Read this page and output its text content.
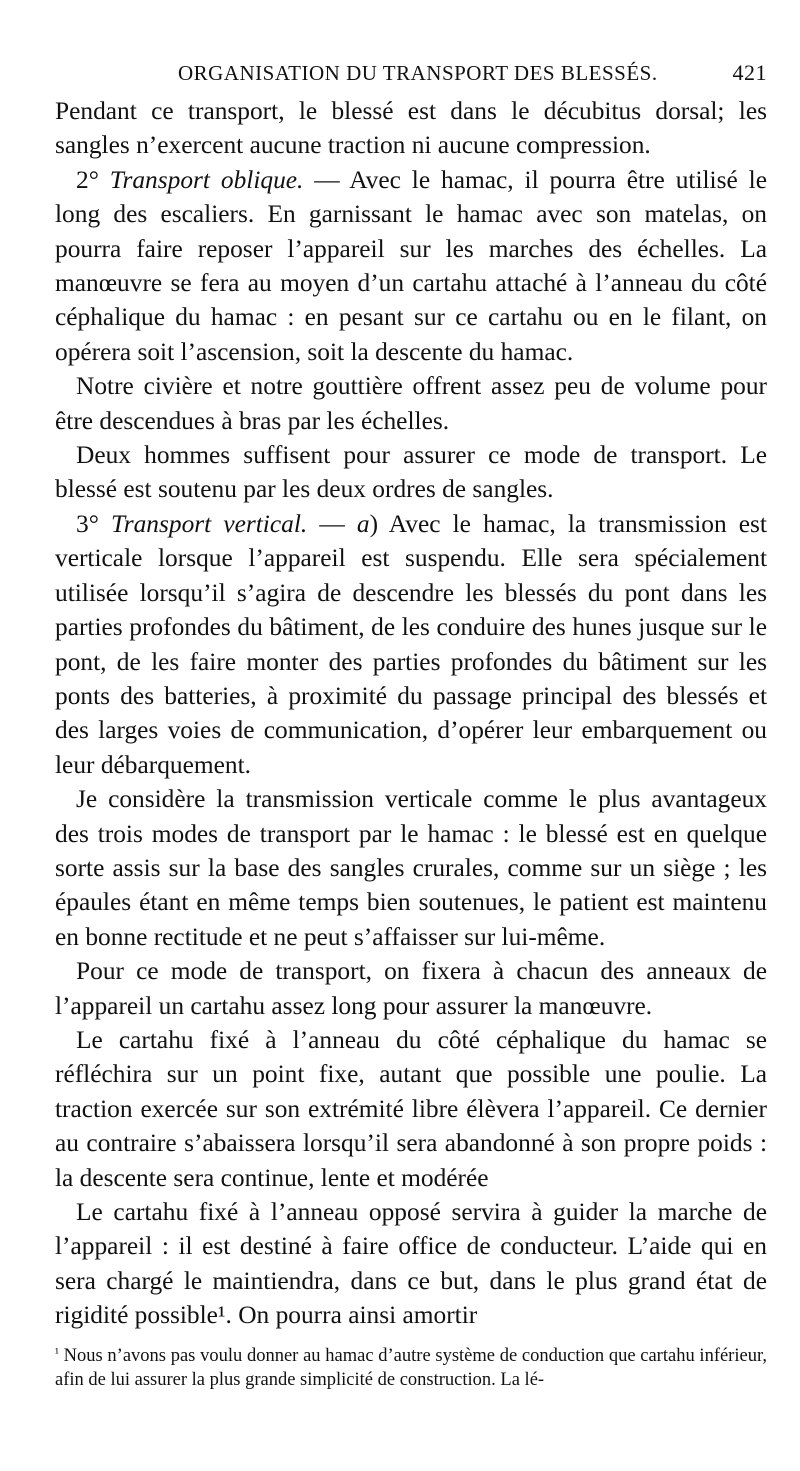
ORGANISATION DU TRANSPORT DES BLESSÉS.	421

Pendant ce transport, le blessé est dans le décubitus dorsal; les sangles n’exercent aucune traction ni aucune compression.

2° Transport oblique. — Avec le hamac, il pourra être utilisé le long des escaliers. En garnissant le hamac avec son matelas, on pourra faire reposer l’appareil sur les marches des échelles. La manœuvre se fera au moyen d’un cartahu attaché à l’anneau du côté céphalique du hamac : en pesant sur ce cartahu ou en le filant, on opérera soit l’ascension, soit la descente du hamac.

Notre civière et notre gouttière offrent assez peu de volume pour être descendues à bras par les échelles.

Deux hommes suffisent pour assurer ce mode de transport. Le blessé est soutenu par les deux ordres de sangles.

3° Transport vertical. — a) Avec le hamac, la transmission est verticale lorsque l’appareil est suspendu. Elle sera spécialement utilisée lorsqu’il s’agira de descendre les blessés du pont dans les parties profondes du bâtiment, de les conduire des hunes jusque sur le pont, de les faire monter des parties profondes du bâtiment sur les ponts des batteries, à proximité du passage principal des blessés et des larges voies de communication, d’opérer leur embarquement ou leur débarquement.

Je considère la transmission verticale comme le plus avantageux des trois modes de transport par le hamac : le blessé est en quelque sorte assis sur la base des sangles crurales, comme sur un siège ; les épaules étant en même temps bien soutenues, le patient est maintenu en bonne rectitude et ne peut s’affaisser sur lui-même.

Pour ce mode de transport, on fixera à chacun des anneaux de l’appareil un cartahu assez long pour assurer la manœuvre.

Le cartahu fixé à l’anneau du côté céphalique du hamac se réfléchira sur un point fixe, autant que possible une poulie. La traction exercée sur son extrémité libre élèvera l’appareil. Ce dernier au contraire s’abaissera lorsqu’il sera abandonné à son propre poids : la descente sera continue, lente et modérée

Le cartahu fixé à l’anneau opposé servira à guider la marche de l’appareil : il est destiné à faire office de conducteur. L’aide qui en sera chargé le maintiendra, dans ce but, dans le plus grand état de rigidité possible¹. On pourra ainsi amortir

$^{^1}$ Nous n’avons pas voulu donner au hamac d’autre système de conduction que cartahu inférieur, afin de lui assurer la plus grande simplicité de construction. La lé-
